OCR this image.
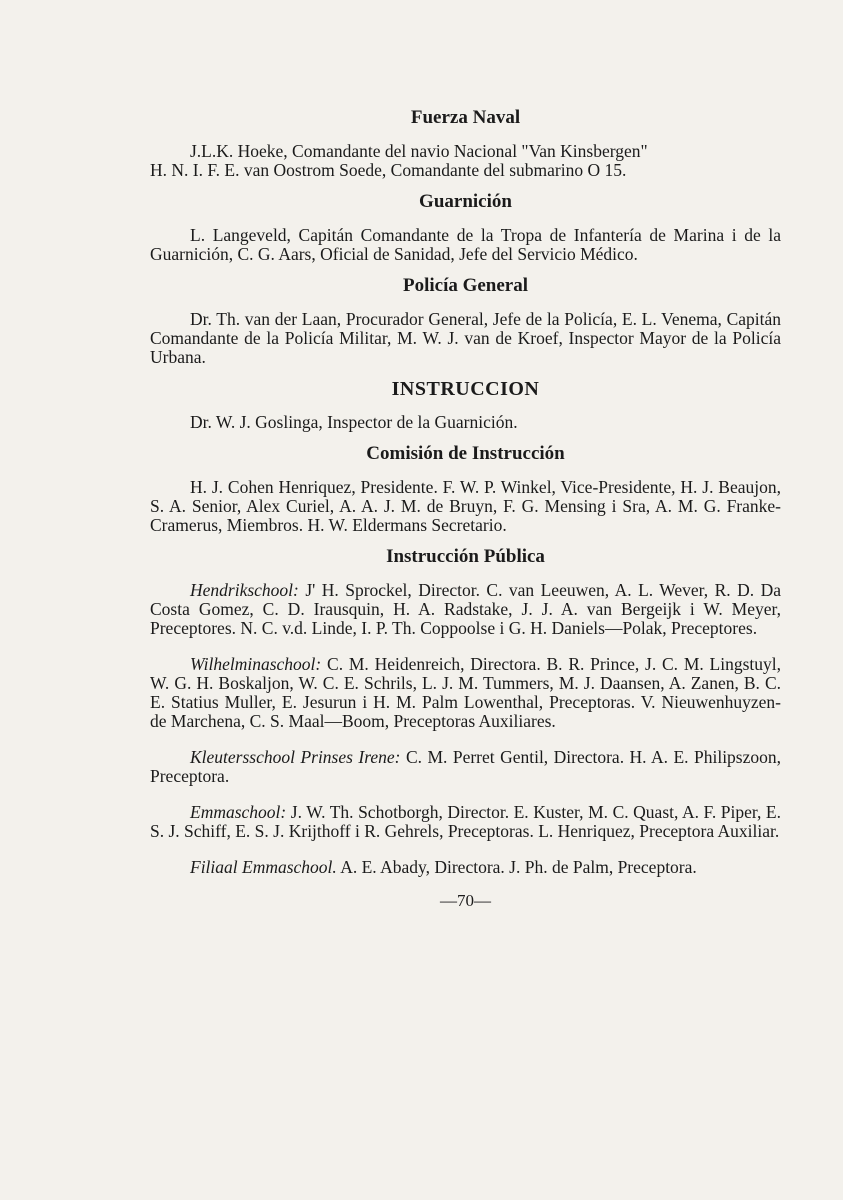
Fuerza Naval

J.L.K. Hoeke, Comandante del navio Nacional "Van Kinsbergen"
H. N. I. F. E. van Oostrom Soede, Comandante del submarino O 15.

Guarnición

L. Langeveld, Capitán Comandante de la Tropa de Infantería de Marina i de la Guarnición, C. G. Aars, Oficial de Sanidad, Jefe del Servicio Médico.

Policía General

Dr. Th. van der Laan, Procurador General, Jefe de la Policía, E. L. Venema, Capitán Comandante de la Policía Militar, M. W. J. van de Kroef, Inspector Mayor de la Policía Urbana.

INSTRUCCION

Dr. W. J. Goslinga, Inspector de la Guarnición.

Comisión de Instrucción

H. J. Cohen Henriquez, Presidente. F. W. P. Winkel, Vice-Presidente, H. J. Beaujon, S. A. Senior, Alex Curiel, A. A. J. M. de Bruyn, F. G. Mensing i Sra, A. M. G. Franke-Cramerus, Miembros. H. W. Eldermans Secretario.

Instrucción Pública

Hendrikschool: J' H. Sprockel, Director. C. van Leeuwen, A. L. Wever, R. D. Da Costa Gomez, C. D. Irausquin, H. A. Radstake, J. J. A. van Bergeijk i W. Meyer, Preceptores. N. C. v.d. Linde, I. P. Th. Coppoolse i G. H. Daniels—Polak, Preceptores.

Wilhelminaschool: C. M. Heidenreich, Directora. B. R. Prince, J. C. M. Lingstuyl, W. G. H. Boskaljon, W. C. E. Schrils, L. J. M. Tummers, M. J. Daansen, A. Zanen, B. C. E. Statius Muller, E. Jesurun i H. M. Palm Lowenthal, Preceptoras. V. Nieuwenhuyzen- de Marchena, C. S. Maal—Boom, Preceptoras Auxiliares.

Kleutersschool Prinses Irene: C. M. Perret Gentil, Directora. H. A. E. Philipszoon, Preceptora.

Emmaschool: J. W. Th. Schotborgh, Director. E. Kuster, M. C. Quast, A. F. Piper, E. S. J. Schiff, E. S. J. Krijthoff i R. Gehrels, Preceptoras. L. Henriquez, Preceptora Auxiliar.

Filiaal Emmaschool. A. E. Abady, Directora. J. Ph. de Palm, Preceptora.

—70—
